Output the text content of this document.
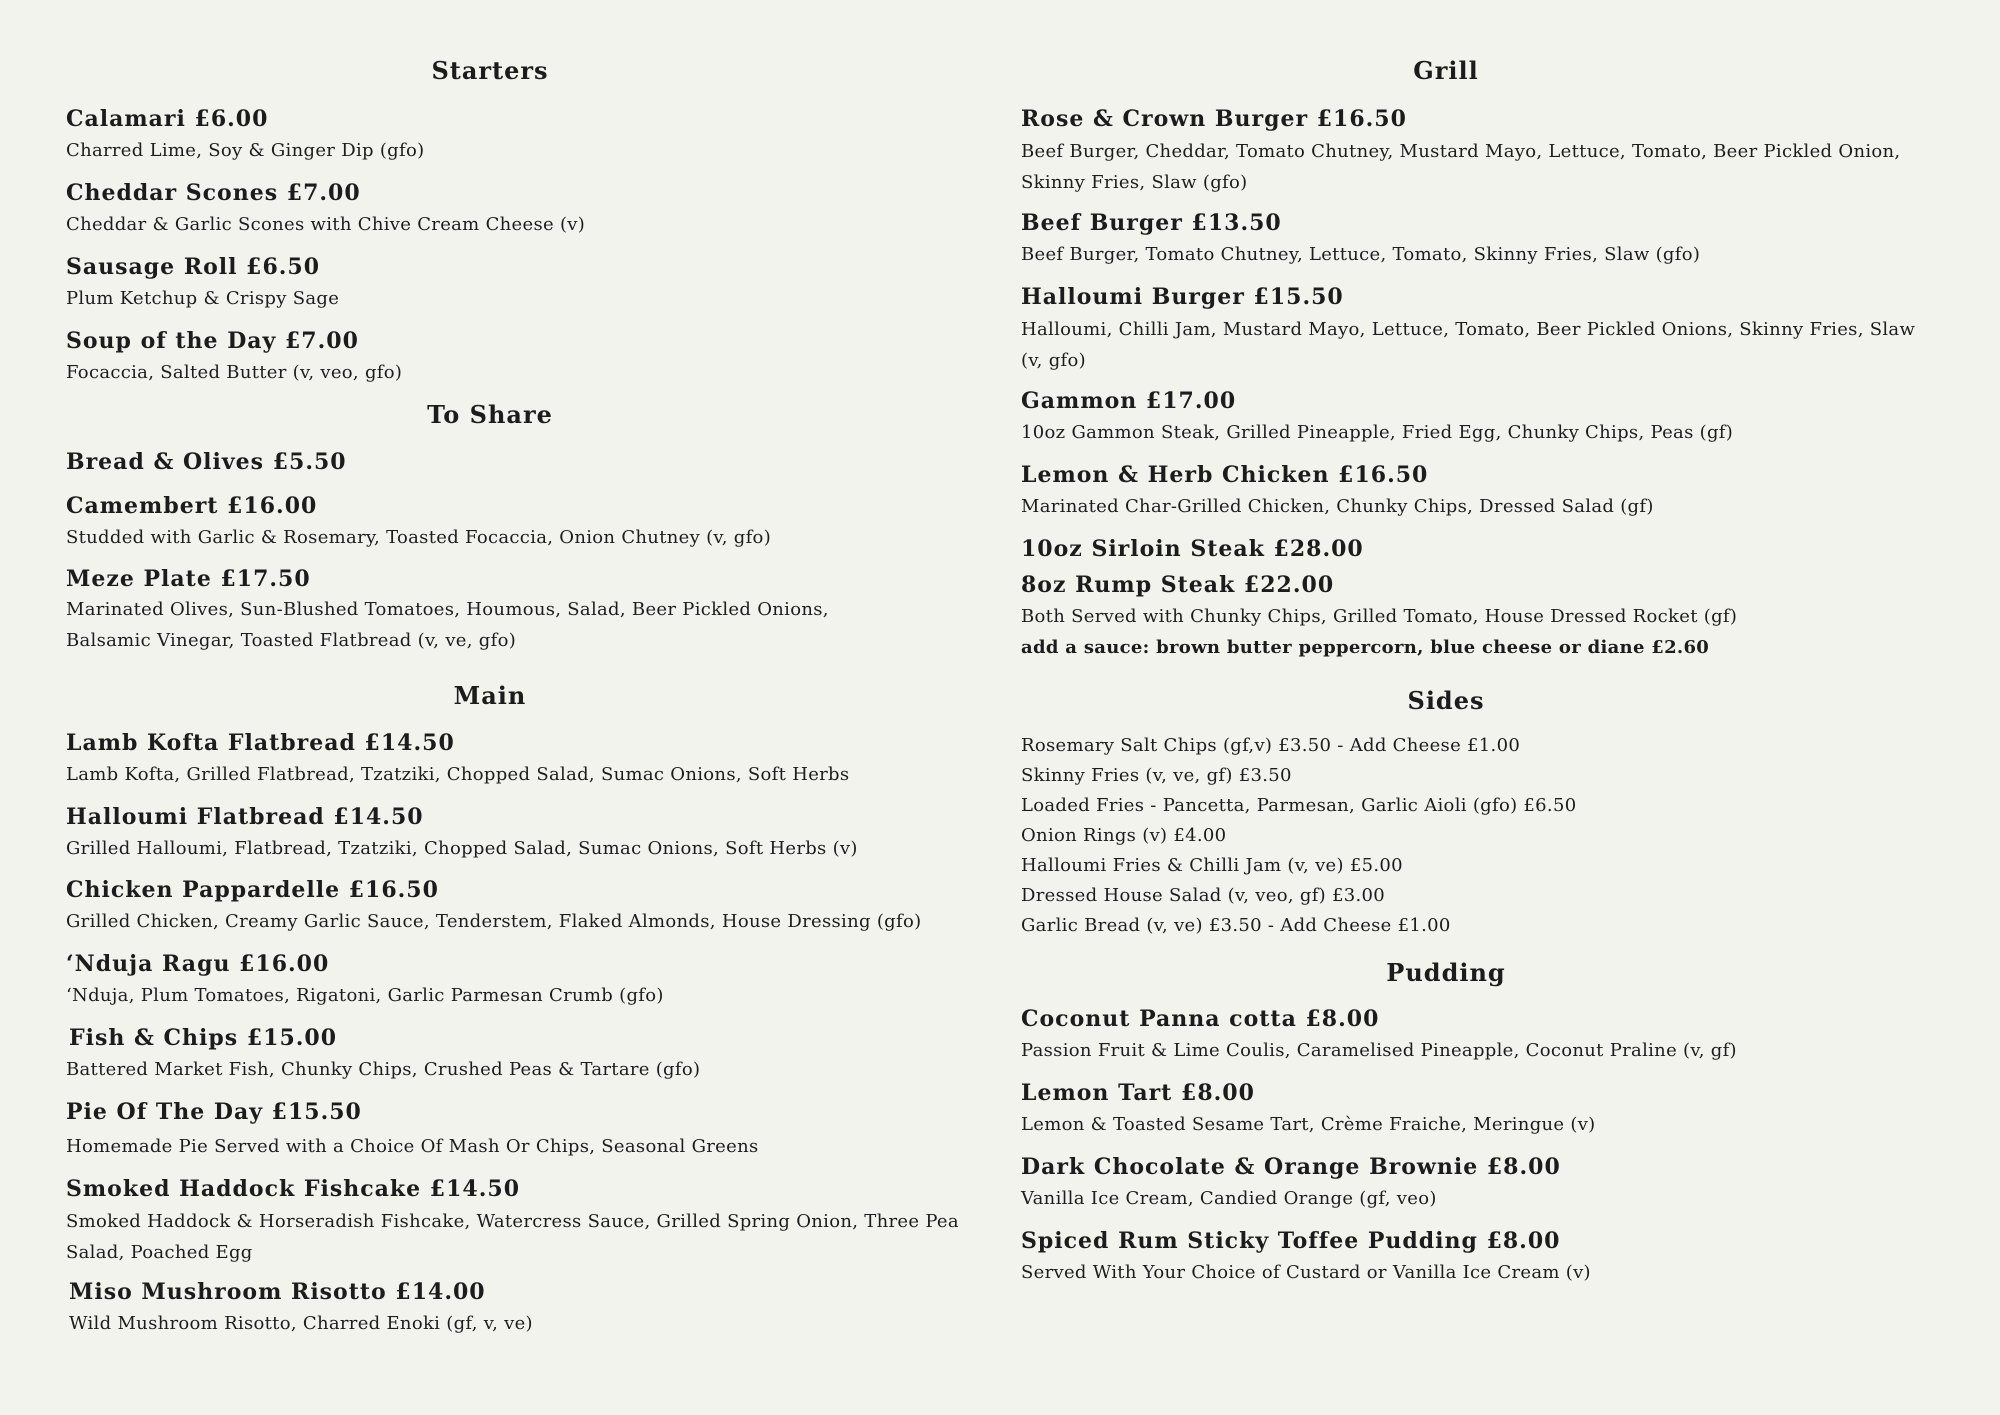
Starters
Calamari £6.00
Charred Lime, Soy & Ginger Dip (gfo)
Cheddar Scones £7.00
Cheddar & Garlic Scones with Chive Cream Cheese (v)
Sausage Roll £6.50
Plum Ketchup & Crispy Sage
Soup of the Day £7.00
Focaccia, Salted Butter (v, veo, gfo)
To Share
Bread & Olives £5.50
Camembert £16.00
Studded with Garlic & Rosemary, Toasted Focaccia, Onion Chutney (v, gfo)
Meze Plate £17.50
Marinated Olives, Sun-Blushed Tomatoes, Houmous, Salad, Beer Pickled Onions,
Balsamic Vinegar, Toasted Flatbread (v, ve, gfo)
Main
Lamb Kofta Flatbread £14.50
Lamb Kofta, Grilled Flatbread, Tzatziki, Chopped Salad, Sumac Onions, Soft Herbs
Halloumi Flatbread £14.50
Grilled Halloumi, Flatbread, Tzatziki, Chopped Salad, Sumac Onions, Soft Herbs (v)
Chicken Pappardelle £16.50
Grilled Chicken, Creamy Garlic Sauce, Tenderstem, Flaked Almonds, House Dressing (gfo)
‘Nduja Ragu £16.00
‘Nduja, Plum Tomatoes, Rigatoni, Garlic Parmesan Crumb (gfo)
Fish & Chips £15.00
Battered Market Fish, Chunky Chips, Crushed Peas & Tartare (gfo)
Pie Of The Day £15.50
Homemade Pie Served with a Choice Of Mash Or Chips, Seasonal Greens
Smoked Haddock Fishcake £14.50
Smoked Haddock & Horseradish Fishcake, Watercress Sauce, Grilled Spring Onion, Three Pea Salad, Poached Egg
Miso Mushroom Risotto £14.00
Wild Mushroom Risotto, Charred Enoki (gf, v, ve)
Grill
Rose & Crown Burger £16.50
Beef Burger, Cheddar, Tomato Chutney, Mustard Mayo, Lettuce, Tomato, Beer Pickled Onion, Skinny Fries, Slaw (gfo)
Beef Burger £13.50
Beef Burger, Tomato Chutney, Lettuce, Tomato, Skinny Fries, Slaw (gfo)
Halloumi Burger £15.50
Halloumi, Chilli Jam, Mustard Mayo, Lettuce, Tomato, Beer Pickled Onions, Skinny Fries, Slaw (v, gfo)
Gammon £17.00
10oz Gammon Steak, Grilled Pineapple, Fried Egg, Chunky Chips, Peas (gf)
Lemon & Herb Chicken £16.50
Marinated Char-Grilled Chicken, Chunky Chips, Dressed Salad (gf)
10oz Sirloin Steak £28.00
8oz Rump Steak £22.00
Both Served with Chunky Chips, Grilled Tomato, House Dressed Rocket (gf)
add a sauce: brown butter peppercorn, blue cheese or diane £2.60
Sides
Rosemary Salt Chips (gf,v) £3.50 - Add Cheese £1.00
Skinny Fries (v, ve, gf) £3.50
Loaded Fries - Pancetta, Parmesan, Garlic Aioli (gfo) £6.50
Onion Rings (v) £4.00
Halloumi Fries & Chilli Jam (v, ve) £5.00
Dressed House Salad (v, veo, gf) £3.00
Garlic Bread (v, ve) £3.50 - Add Cheese £1.00
Pudding
Coconut Panna cotta £8.00
Passion Fruit & Lime Coulis, Caramelised Pineapple, Coconut Praline (v, gf)
Lemon Tart £8.00
Lemon & Toasted Sesame Tart, Crème Fraiche, Meringue (v)
Dark Chocolate & Orange Brownie £8.00
Vanilla Ice Cream, Candied Orange (gf, veo)
Spiced Rum Sticky Toffee Pudding £8.00
Served With Your Choice of Custard or Vanilla Ice Cream (v)
